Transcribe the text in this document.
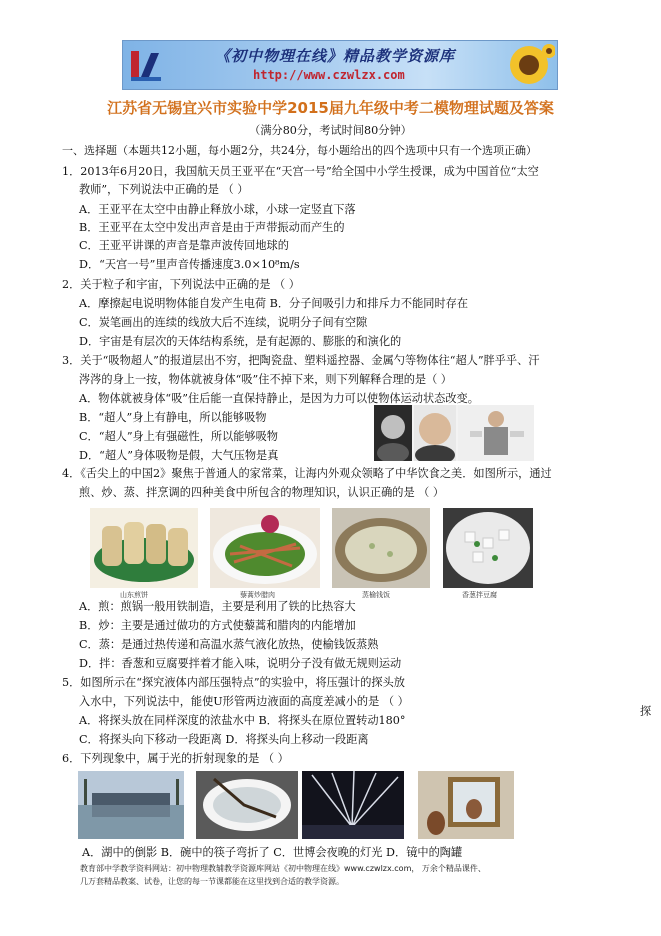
《初中物理在线》精品教学资源库
http://www.czwlzx.com
江苏省无锡宜兴市实验中学2015届九年级中考二模物理试题及答案
（满分80分，考试时间80分钟）
一、选择题（本题共12小题，每小题2分，共24分，每小题给出的四个选项中只有一个选项正确）
1．2013年6月20日，我国航天员王亚平在“天宫一号”给全国中小学生授课，成为中国首位“太空
教师”，下列说法中正确的是 （ ）
A．王亚平在太空中由静止释放小球，小球一定竖直下落
B．王亚平在太空中发出声音是由于声带振动而产生的
C．王亚平讲课的声音是靠声波传回地球的
D．“天宫一号”里声音传播速度3.0×10⁸m/s
2．关于粒子和宇宙，下列说法中正确的是 （ ）
A．摩擦起电说明物体能自发产生电荷 B．分子间吸引力和排斥力不能同时存在
C．炭笔画出的连续的线放大后不连续，说明分子间有空隙
D．宇宙是有层次的天体结构系统，是有起源的、膨胀的和演化的
3．关于“吸物超人”的报道层出不穷，把陶瓷盘、塑料遥控器、金属勺等物体往“超人”胖乎乎、汗
涔涔的身上一按，物体就被身体“吸”住不掉下来，则下列解释合理的是（ ）
A．物体就被身体“吸”住后能一直保持静止，是因为力可以使物体运动状态改变。
B．“超人”身上有静电，所以能够吸物
C．“超人”身上有强磁性，所以能够吸物
D．“超人”身体吸物是假，大气压物是真
4．《舌尖上的中国2》聚焦于普通人的家常菜，让海内外观众领略了中华饮食之美．如图所示，通过
煎、炒、蒸、拌烹调的四种美食中所包含的物理知识，认识正确的是 （ ）
山东煎饼	藜蒿炒腊肉	蒸榆钱饭	香葱拌豆腐
A．煎：煎锅一般用铁制造，主要是利用了铁的比热容大
B．炒：主要是通过做功的方式使藜蒿和腊肉的内能增加
C．蒸：是通过热传递和高温水蒸气液化放热，使榆钱饭蒸熟
D．拌：香葱和豆腐要拌着才能入味，说明分子没有做无规则运动
5．如图所示在“探究液体内部压强特点”的实验中，将压强计的探头放
入水中，下列说法中，能使U形管两边液面的高度差减小的是 （ ）
探
A．将探头放在同样深度的浓盐水中 B．将探头在原位置转动180°
C．将探头向下移动一段距离 D．将探头向上移动一段距离
6．下列现象中，属于光的折射现象的是 （ ）
A．湖中的倒影 B．碗中的筷子弯折了 C．世博会夜晚的灯光 D．镜中的陶罐
教育部中学教学资料网站：初中物理教辅教学资源库网站《初中物理在线》www.czwlzx.com， 万余个精品课件、
几万套精品教案、试卷，让您的每一节课都能在这里找到合适的教学资源。
